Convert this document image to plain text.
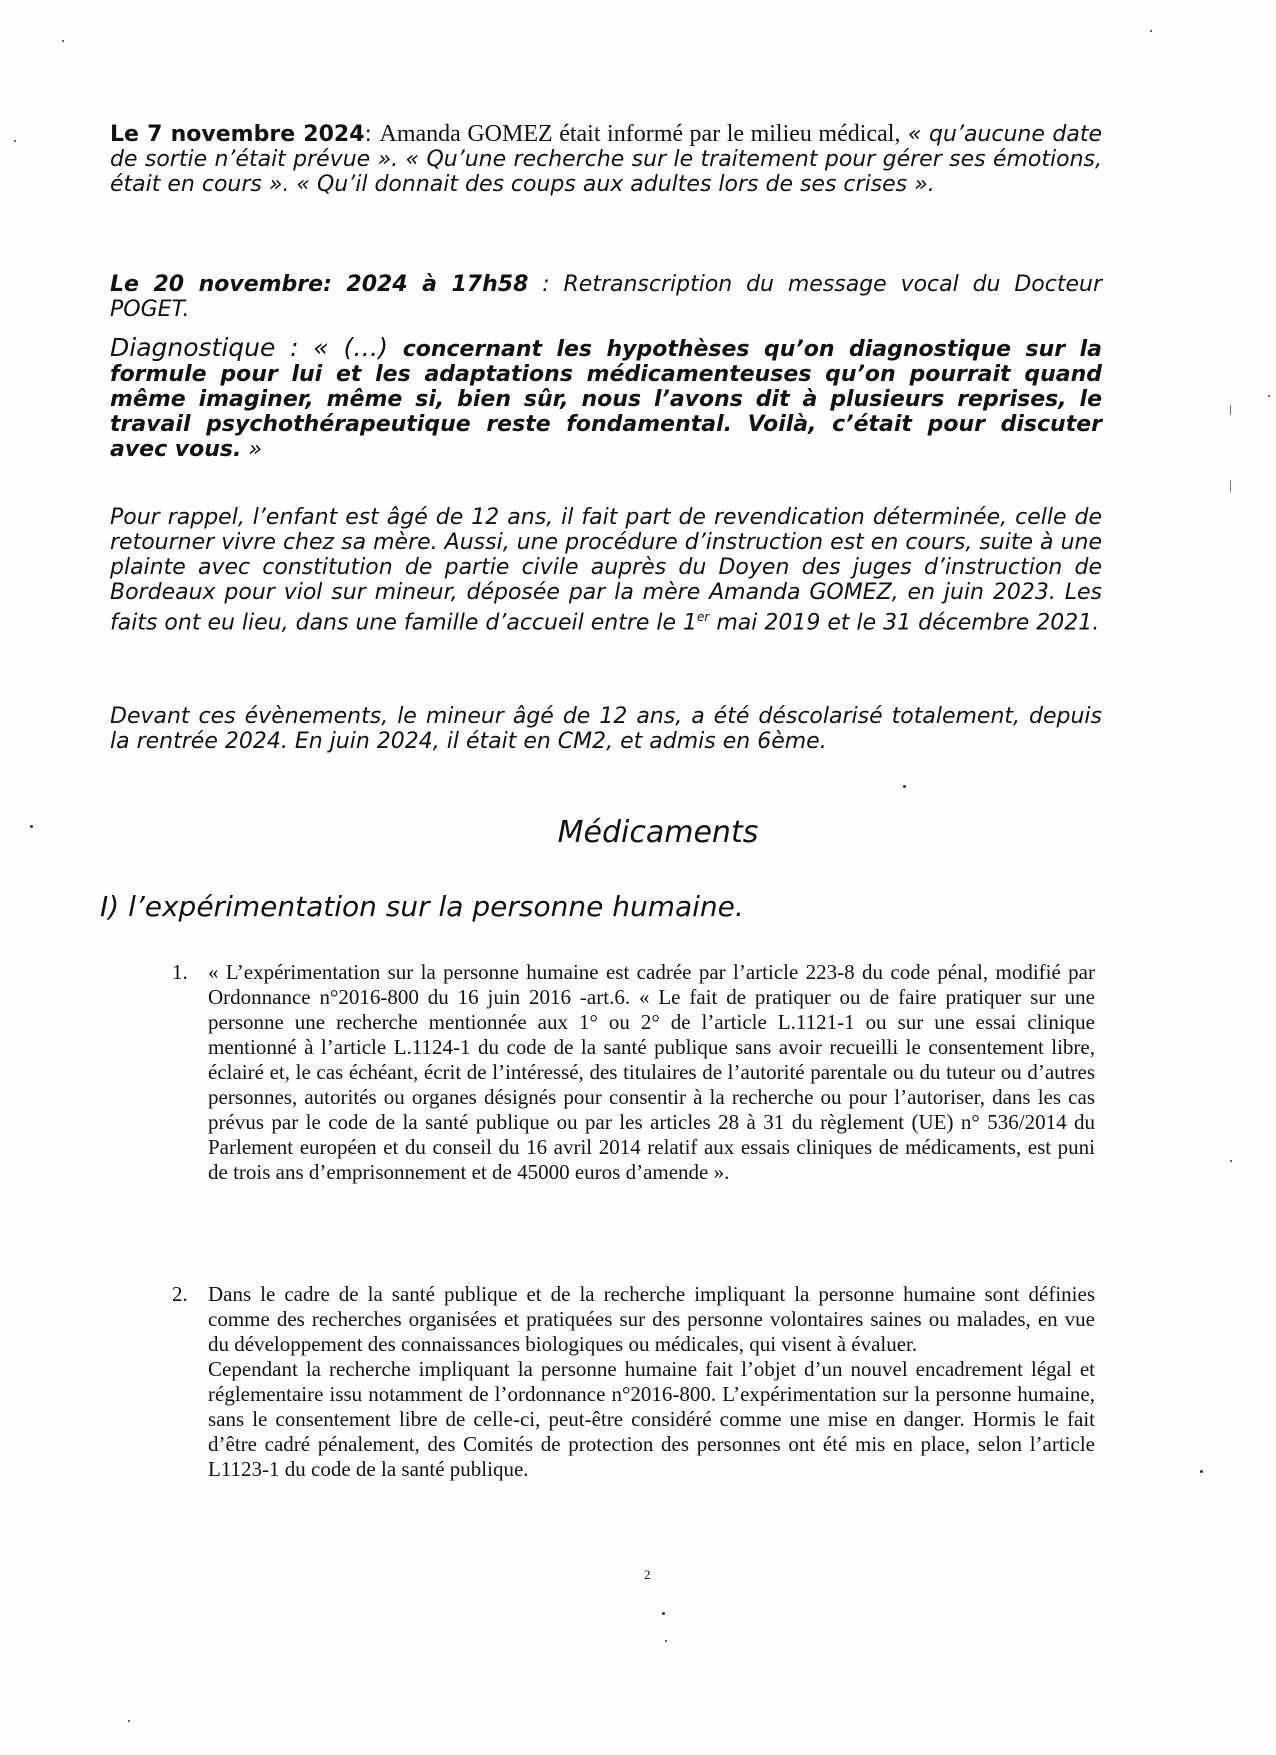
Le 7 novembre 2024: Amanda GOMEZ était informé par le milieu médical, « qu’aucune date de sortie n’était prévue ». « Qu’une recherche sur le traitement pour gérer ses émotions, était en cours ». « Qu’il donnait des coups aux adultes lors de ses crises ».
Le 20 novembre: 2024 à 17h58 : Retranscription du message vocal du Docteur POGET.
Diagnostique : « (…) concernant les hypothèses qu’on diagnostique sur la formule pour lui et les adaptations médicamenteuses qu’on pourrait quand même imaginer, même si, bien sûr, nous l’avons dit à plusieurs reprises, le travail psychothérapeutique reste fondamental. Voilà, c’était pour discuter avec vous. »
Pour rappel, l’enfant est âgé de 12 ans, il fait part de revendication déterminée, celle de retourner vivre chez sa mère. Aussi, une procédure d’instruction est en cours, suite à une plainte avec constitution de partie civile auprès du Doyen des juges d’instruction de Bordeaux pour viol sur mineur, déposée par la mère Amanda GOMEZ, en juin 2023. Les faits ont eu lieu, dans une famille d’accueil entre le 1er mai 2019 et le 31 décembre 2021.
Devant ces évènements, le mineur âgé de 12 ans, a été déscolarisé totalement, depuis la rentrée 2024. En juin 2024, il était en CM2, et admis en 6ème.
Médicaments
I) l’expérimentation sur la personne humaine.
1. « L’expérimentation sur la personne humaine est cadrée par l’article 223-8 du code pénal, modifié par Ordonnance n°2016-800 du 16 juin 2016 -art.6. « Le fait de pratiquer ou de faire pratiquer sur une personne une recherche mentionnée aux 1° ou 2° de l’article L.1121-1 ou sur une essai clinique mentionné à l’article L.1124-1 du code de la santé publique sans avoir recueilli le consentement libre, éclairé et, le cas échéant, écrit de l’intéressé, des titulaires de l’autorité parentale ou du tuteur ou d’autres personnes, autorités ou organes désignés pour consentir à la recherche ou pour l’autoriser, dans les cas prévus par le code de la santé publique ou par les articles 28 à 31 du règlement (UE) n° 536/2014 du Parlement européen et du conseil du 16 avril 2014 relatif aux essais cliniques de médicaments, est puni de trois ans d’emprisonnement et de 45000 euros d’amende ».
2. Dans le cadre de la santé publique et de la recherche impliquant la personne humaine sont définies comme des recherches organisées et pratiquées sur des personne volontaires saines ou malades, en vue du développement des connaissances biologiques ou médicales, qui visent à évaluer.
Cependant la recherche impliquant la personne humaine fait l’objet d’un nouvel encadrement légal et réglementaire issu notamment de l’ordonnance n°2016-800. L’expérimentation sur la personne humaine, sans le consentement libre de celle-ci, peut-être considéré comme une mise en danger. Hormis le fait d’être cadré pénalement, des Comités de protection des personnes ont été mis en place, selon l’article L1123-1 du code de la santé publique.
2
